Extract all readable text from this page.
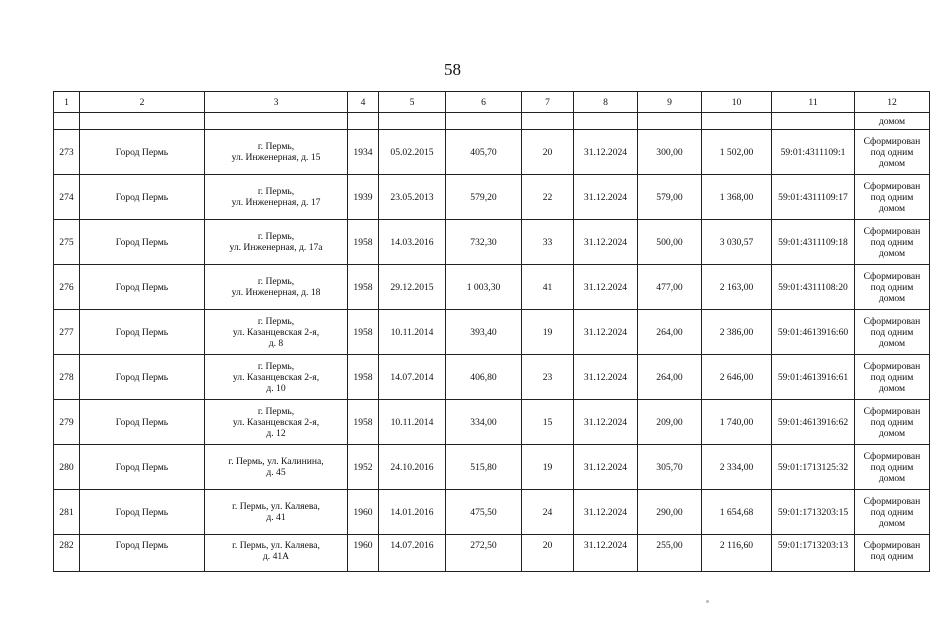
58
1	2	3	4	5	6	7	8	9	10	11	12
											домом
273	Город Пермь	г. Пермь,
ул. Инженерная, д. 15	1934	05.02.2015	405,70	20	31.12.2024	300,00	1 502,00	59:01:4311109:1	Сформирован
под одним
домом
274	Город Пермь	г. Пермь,
ул. Инженерная, д. 17	1939	23.05.2013	579,20	22	31.12.2024	579,00	1 368,00	59:01:4311109:17	Сформирован
под одним
домом
275	Город Пермь	г. Пермь,
ул. Инженерная, д. 17а	1958	14.03.2016	732,30	33	31.12.2024	500,00	3 030,57	59:01:4311109:18	Сформирован
под одним
домом
276	Город Пермь	г. Пермь,
ул. Инженерная, д. 18	1958	29.12.2015	1 003,30	41	31.12.2024	477,00	2 163,00	59:01:4311108:20	Сформирован
под одним
домом
277	Город Пермь	г. Пермь,
ул. Казанцевская 2-я,
д. 8	1958	10.11.2014	393,40	19	31.12.2024	264,00	2 386,00	59:01:4613916:60	Сформирован
под одним
домом
278	Город Пермь	г. Пермь,
ул. Казанцевская 2-я,
д. 10	1958	14.07.2014	406,80	23	31.12.2024	264,00	2 646,00	59:01:4613916:61	Сформирован
под одним
домом
279	Город Пермь	г. Пермь,
ул. Казанцевская 2-я,
д. 12	1958	10.11.2014	334,00	15	31.12.2024	209,00	1 740,00	59:01:4613916:62	Сформирован
под одним
домом
280	Город Пермь	г. Пермь, ул. Калинина,
д. 45	1952	24.10.2016	515,80	19	31.12.2024	305,70	2 334,00	59:01:1713125:32	Сформирован
под одним
домом
281	Город Пермь	г. Пермь, ул. Каляева,
д. 41	1960	14.01.2016	475,50	24	31.12.2024	290,00	1 654,68	59:01:1713203:15	Сформирован
под одним
домом
282	Город Пермь	г. Пермь, ул. Каляева,
д. 41А	1960	14.07.2016	272,50	20	31.12.2024	255,00	2 116,60	59:01:1713203:13	Сформирован
под одним
